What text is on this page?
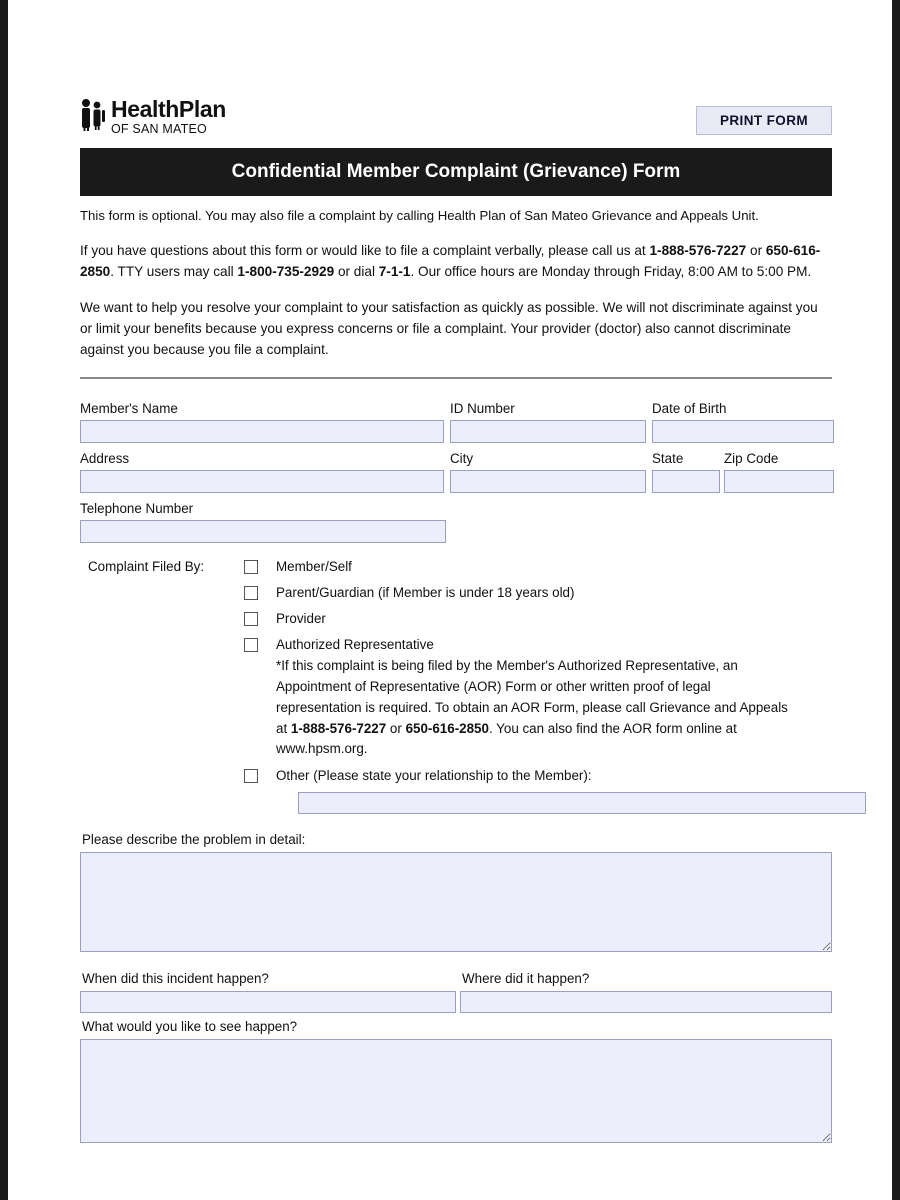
HealthPlan
OF SAN MATEO
PRINT FORM
Confidential Member Complaint (Grievance) Form
This form is optional. You may also file a complaint by calling Health Plan of San Mateo Grievance and Appeals Unit.
If you have questions about this form or would like to file a complaint verbally, please call us at 1-888-576-7227 or 650-616-2850. TTY users may call 1-800-735-2929 or dial 7-1-1. Our office hours are Monday through Friday, 8:00 AM to 5:00 PM.
We want to help you resolve your complaint to your satisfaction as quickly as possible. We will not discriminate against you or limit your benefits because you express concerns or file a complaint. Your provider (doctor) also cannot discriminate against you because you file a complaint.
Member's Name	ID Number	Date of Birth
Address	City	State	Zip Code
Telephone Number
Complaint Filed By:	Member/Self
Parent/Guardian (if Member is under 18 years old)
Provider
Authorized Representative
*If this complaint is being filed by the Member's Authorized Representative, an Appointment of Representative (AOR) Form or other written proof of legal representation is required. To obtain an AOR Form, please call Grievance and Appeals at 1-888-576-7227 or 650-616-2850. You can also find the AOR form online at www.hpsm.org.
Other (Please state your relationship to the Member):
Please describe the problem in detail:
When did this incident happen?	Where did it happen?
What would you like to see happen?
